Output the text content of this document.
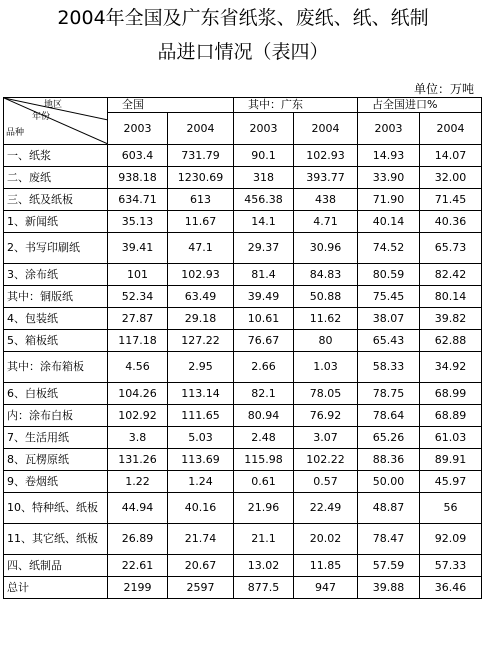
2004年全国及广东省纸浆、废纸、纸、纸制
品进口情况（表四）
单位：万吨
地区
年份
品种	全国		其中：广东		占全国进口%	
	2003	2004	2003	2004	2003	2004
一、纸浆	603.4	731.79	90.1	102.93	14.93	14.07
二、废纸	938.18	1230.69	318	393.77	33.90	32.00
三、纸及纸板	634.71	613	456.38	438	71.90	71.45
1、新闻纸	35.13	11.67	14.1	4.71	40.14	40.36
2、书写印刷纸	39.41	47.1	29.37	30.96	74.52	65.73
3、涂布纸	101	102.93	81.4	84.83	80.59	82.42
其中：铜版纸	52.34	63.49	39.49	50.88	75.45	80.14
4、包装纸	27.87	29.18	10.61	11.62	38.07	39.82
5、箱板纸	117.18	127.22	76.67	80	65.43	62.88
其中：涂布箱板	4.56	2.95	2.66	1.03	58.33	34.92
6、白板纸	104.26	113.14	82.1	78.05	78.75	68.99
内：涂布白板	102.92	111.65	80.94	76.92	78.64	68.89
7、生活用纸	3.8	5.03	2.48	3.07	65.26	61.03
8、瓦楞原纸	131.26	113.69	115.98	102.22	88.36	89.91
9、卷烟纸	1.22	1.24	0.61	0.57	50.00	45.97
10、特种纸、纸板	44.94	40.16	21.96	22.49	48.87	56
11、其它纸、纸板	26.89	21.74	21.1	20.02	78.47	92.09
四、纸制品	22.61	20.67	13.02	11.85	57.59	57.33
总计	2199	2597	877.5	947	39.88	36.46
